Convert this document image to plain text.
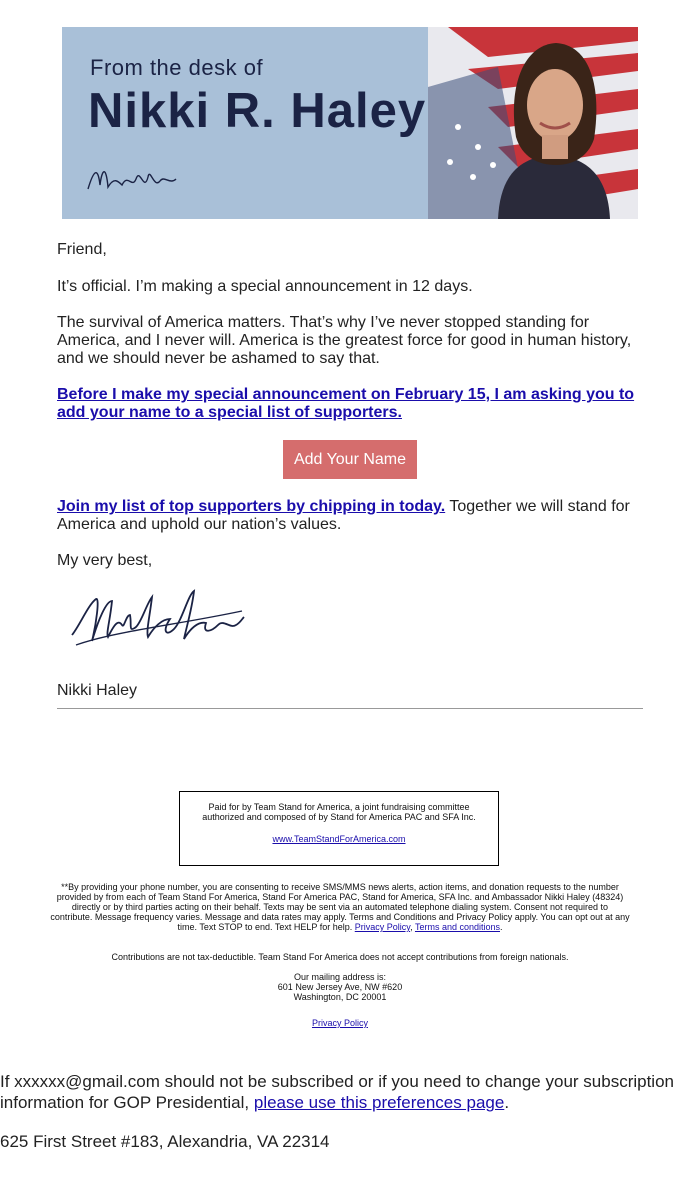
From the desk of
Nikki R. Haley
Friend,
It’s official. I’m making a special announcement in 12 days.
The survival of America matters. That’s why I’ve never stopped standing for America, and I never will. America is the greatest force for good in human history, and we should never be ashamed to say that.
Before I make my special announcement on February 15, I am asking you to add your name to a special list of supporters.
Add Your Name
Join my list of top supporters by chipping in today. Together we will stand for America and uphold our nation’s values.
My very best,
Nikki Haley
Paid for by Team Stand for America, a joint fundraising committee authorized and composed of by Stand for America PAC and SFA Inc.
www.TeamStandForAmerica.com
**By providing your phone number, you are consenting to receive SMS/MMS news alerts, action items, and donation requests to the number provided by from each of Team Stand For America, Stand For America PAC, Stand for America, SFA Inc. and Ambassador Nikki Haley (48324) directly or by third parties acting on their behalf. Texts may be sent via an automated telephone dialing system. Consent not required to contribute. Message frequency varies. Message and data rates may apply. Terms and Conditions and Privacy Policy apply. You can opt out at any time. Text STOP to end. Text HELP for help. Privacy Policy, Terms and conditions.
Contributions are not tax-deductible. Team Stand For America does not accept contributions from foreign nationals.
Our mailing address is:
601 New Jersey Ave, NW #620
Washington, DC 20001
Privacy Policy
If xxxxxx@gmail.com should not be subscribed or if you need to change your subscription information for GOP Presidential, please use this preferences page.
625 First Street #183, Alexandria, VA 22314
